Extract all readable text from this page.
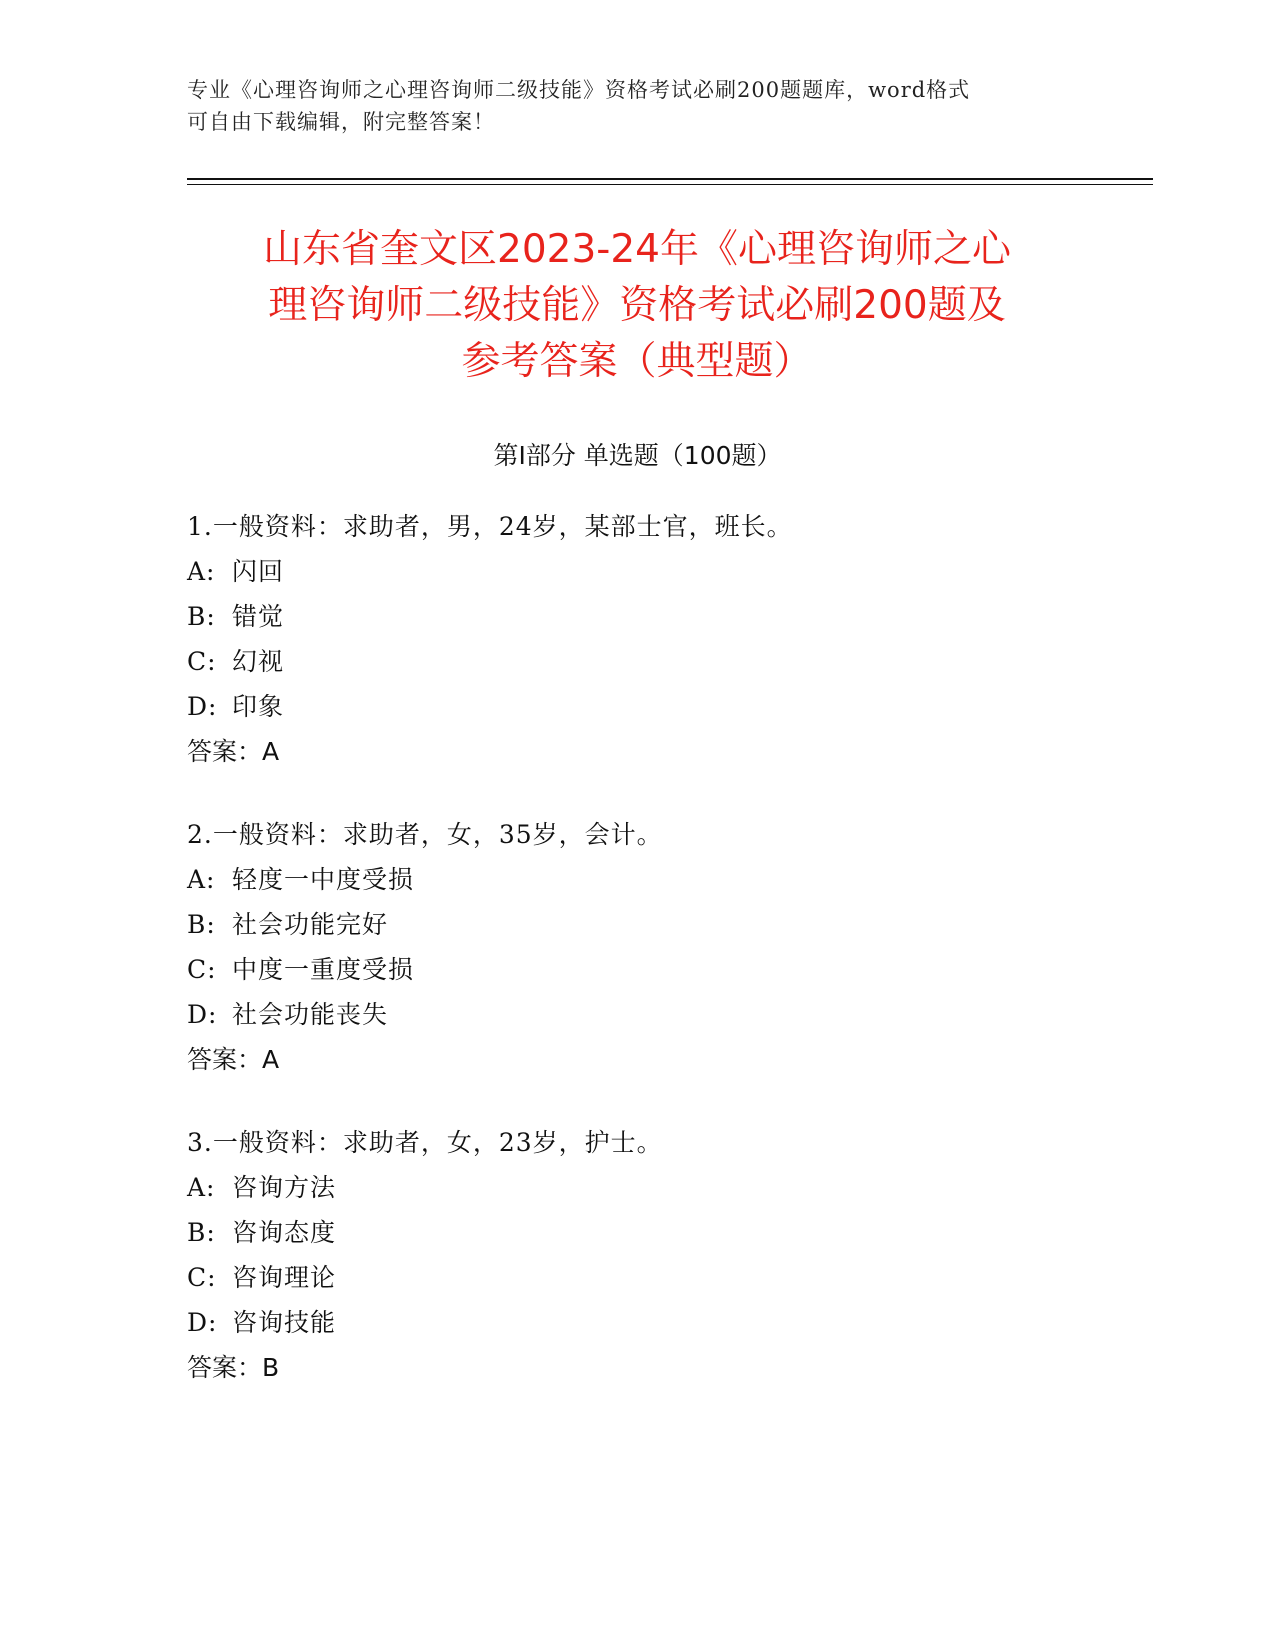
专业《心理咨询师之心理咨询师二级技能》资格考试必刷200题题库，word格式
可自由下载编辑，附完整答案！
山东省奎文区2023-24年《心理咨询师之心
理咨询师二级技能》资格考试必刷200题及
参考答案（典型题）
第Ⅰ部分 单选题（100题）
1.一般资料：求助者，男，24岁，某部士官，班长。
A: 闪回
B: 错觉
C: 幻视
D: 印象
答案：A
2.一般资料：求助者，女，35岁，会计。
A: 轻度一中度受损
B: 社会功能完好
C: 中度一重度受损
D: 社会功能丧失
答案：A
3.一般资料：求助者，女，23岁，护士。
A: 咨询方法
B: 咨询态度
C: 咨询理论
D: 咨询技能
答案：B
